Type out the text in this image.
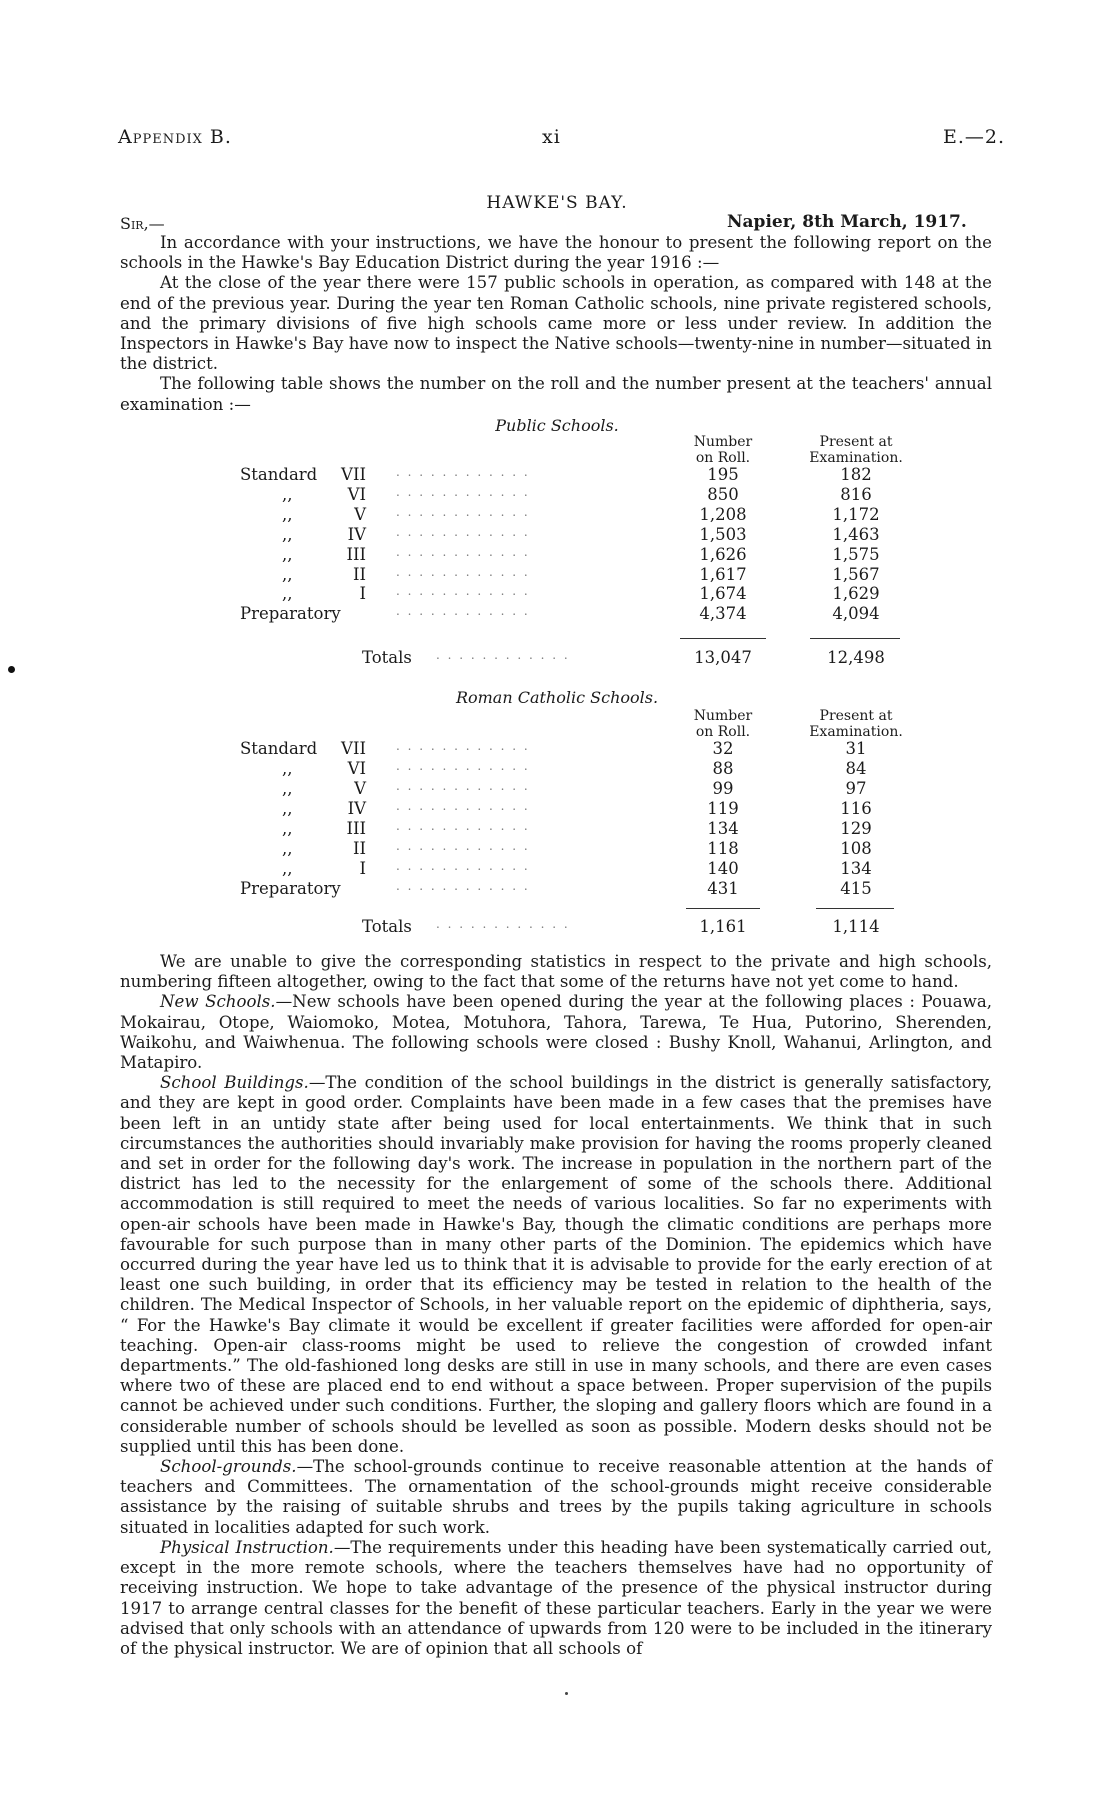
Appendix B.	xi	E.—2.
HAWKE'S BAY.
Sir,—	Napier, 8th March, 1917.

In accordance with your instructions, we have the honour to present the following report on the schools in the Hawke's Bay Education District during the year 1916 :—

At the close of the year there were 157 public schools in operation, as compared with 148 at the end of the previous year. During the year ten Roman Catholic schools, nine private registered schools, and the primary divisions of five high schools came more or less under review. In addition the Inspectors in Hawke's Bay have now to inspect the Native schools—twenty-nine in number—situated in the district.

The following table shows the number on the roll and the number present at the teachers' annual examination :—

Public Schools.
Number
on Roll.
Present at
Examination.
Standard	VII	. . . . . . . . . . . .	195	182
,,	VI	. . . . . . . . . . . .	850	816
,,	V	. . . . . . . . . . . .	1,208	1,172
,,	IV	. . . . . . . . . . . .	1,503	1,463
,,	III	. . . . . . . . . . . .	1,626	1,575
,,	II	. . . . . . . . . . . .	1,617	1,567
,,	I	. . . . . . . . . . . .	1,674	1,629
Preparatory	. . . . . . . . . . . .	4,374	4,094
Totals . . . . . . . . . . . .	13,047	12,498
Roman Catholic Schools.
Number
on Roll.
Present at
Examination.
Standard	VII	. . . . . . . . . . . .	32	31
,,	VI	. . . . . . . . . . . .	88	84
,,	V	. . . . . . . . . . . .	99	97
,,	IV	. . . . . . . . . . . .	119	116
,,	III	. . . . . . . . . . . .	134	129
,,	II	. . . . . . . . . . . .	118	108
,,	I	. . . . . . . . . . . .	140	134
Preparatory	. . . . . . . . . . . .	431	415
Totals . . . . . . . . . . . .	1,161	1,114

We are unable to give the corresponding statistics in respect to the private and high schools, numbering fifteen altogether, owing to the fact that some of the returns have not yet come to hand.

New Schools.—New schools have been opened during the year at the following places : Pouawa, Mokairau, Otope, Waiomoko, Motea, Motuhora, Tahora, Tarewa, Te Hua, Putorino, Sherenden, Waikohu, and Waiwhenua. The following schools were closed : Bushy Knoll, Wahanui, Arlington, and Matapiro.

School Buildings.—The condition of the school buildings in the district is generally satisfactory, and they are kept in good order. Complaints have been made in a few cases that the premises have been left in an untidy state after being used for local entertainments. We think that in such circumstances the authorities should invariably make provision for having the rooms properly cleaned and set in order for the following day's work. The increase in population in the northern part of the district has led to the necessity for the enlargement of some of the schools there. Additional accommodation is still required to meet the needs of various localities. So far no experiments with open-air schools have been made in Hawke's Bay, though the climatic conditions are perhaps more favourable for such purpose than in many other parts of the Dominion. The epidemics which have occurred during the year have led us to think that it is advisable to provide for the early erection of at least one such building, in order that its efficiency may be tested in relation to the health of the children. The Medical Inspector of Schools, in her valuable report on the epidemic of diphtheria, says, “ For the Hawke's Bay climate it would be excellent if greater facilities were afforded for open-air teaching. Open-air class-rooms might be used to relieve the congestion of crowded infant departments.” The old-fashioned long desks are still in use in many schools, and there are even cases where two of these are placed end to end without a space between. Proper supervision of the pupils cannot be achieved under such conditions. Further, the sloping and gallery floors which are found in a considerable number of schools should be levelled as soon as possible. Modern desks should not be supplied until this has been done.

School-grounds.—The school-grounds continue to receive reasonable attention at the hands of teachers and Committees. The ornamentation of the school-grounds might receive considerable assistance by the raising of suitable shrubs and trees by the pupils taking agriculture in schools situated in localities adapted for such work.

Physical Instruction.—The requirements under this heading have been systematically carried out, except in the more remote schools, where the teachers themselves have had no opportunity of receiving instruction. We hope to take advantage of the presence of the physical instructor during 1917 to arrange central classes for the benefit of these particular teachers. Early in the year we were advised that only schools with an attendance of upwards from 120 were to be included in the itinerary of the physical instructor. We are of opinion that all schools of
